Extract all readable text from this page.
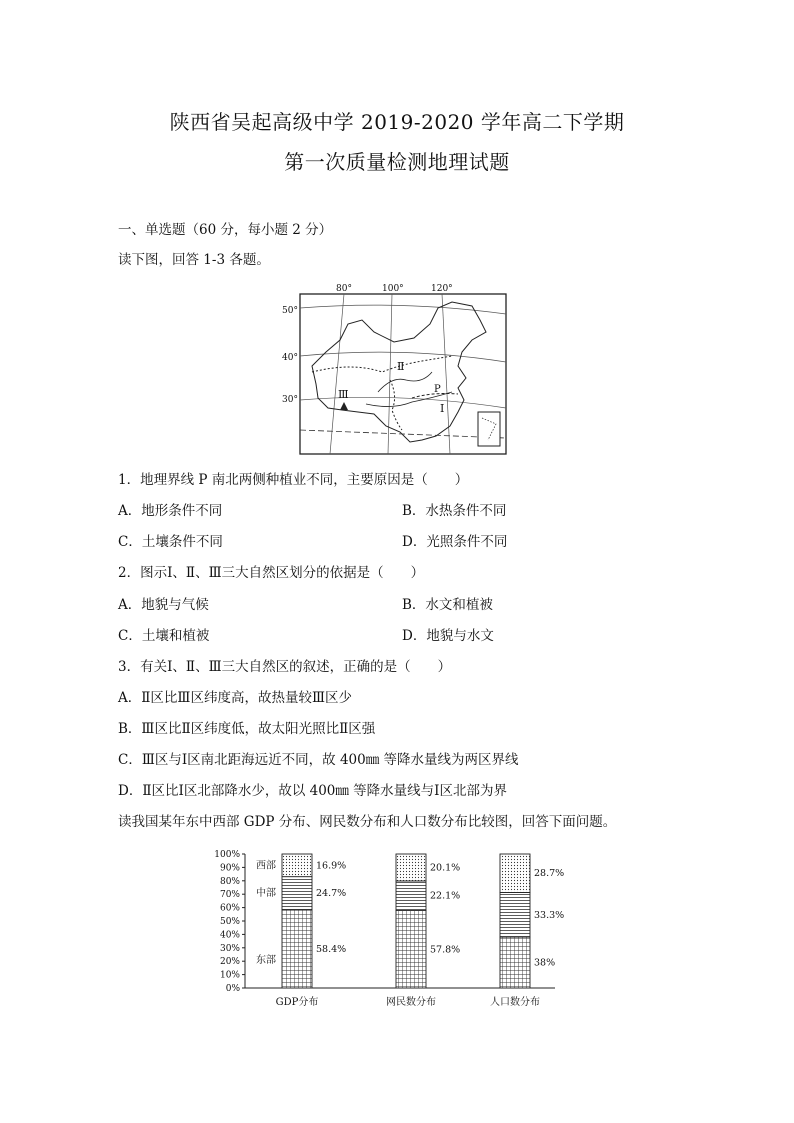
陕西省吴起高级中学 2019-2020 学年高二下学期
第一次质量检测地理试题
一、单选题（60 分，每小题 2 分）
读下图，回答 1-3 各题。
80°	100°	120°
50°
40°
30°
Ⅱ
Ⅲ	P
Ⅰ
1．地理界线 P 南北两侧种植业不同，主要原因是（　　）
A．地形条件不同	B．水热条件不同
C．土壤条件不同	D．光照条件不同
2．图示Ⅰ、Ⅱ、Ⅲ三大自然区划分的依据是（　　）
A．地貌与气候	B．水文和植被
C．土壤和植被	D．地貌与水文
3．有关Ⅰ、Ⅱ、Ⅲ三大自然区的叙述，正确的是（　　）
A．Ⅱ区比Ⅲ区纬度高，故热量较Ⅲ区少
B．Ⅲ区比Ⅱ区纬度低，故太阳光照比Ⅱ区强
C．Ⅲ区与Ⅰ区南北距海远近不同，故 400㎜ 等降水量线为两区界线
D．Ⅱ区比Ⅰ区北部降水少，故以 400㎜ 等降水量线与Ⅰ区北部为界
读我国某年东中西部 GDP 分布、网民数分布和人口数分布比较图，回答下面问题。
0%
10%
20%
30%
40%
50%
60%
70%
80%
90%
100%
58.4%
东部
24.7%
中部
16.9%
西部
GDP分布
57.8%
22.1%
20.1%
网民数分布
38%
33.3%
28.7%
人口数分布
